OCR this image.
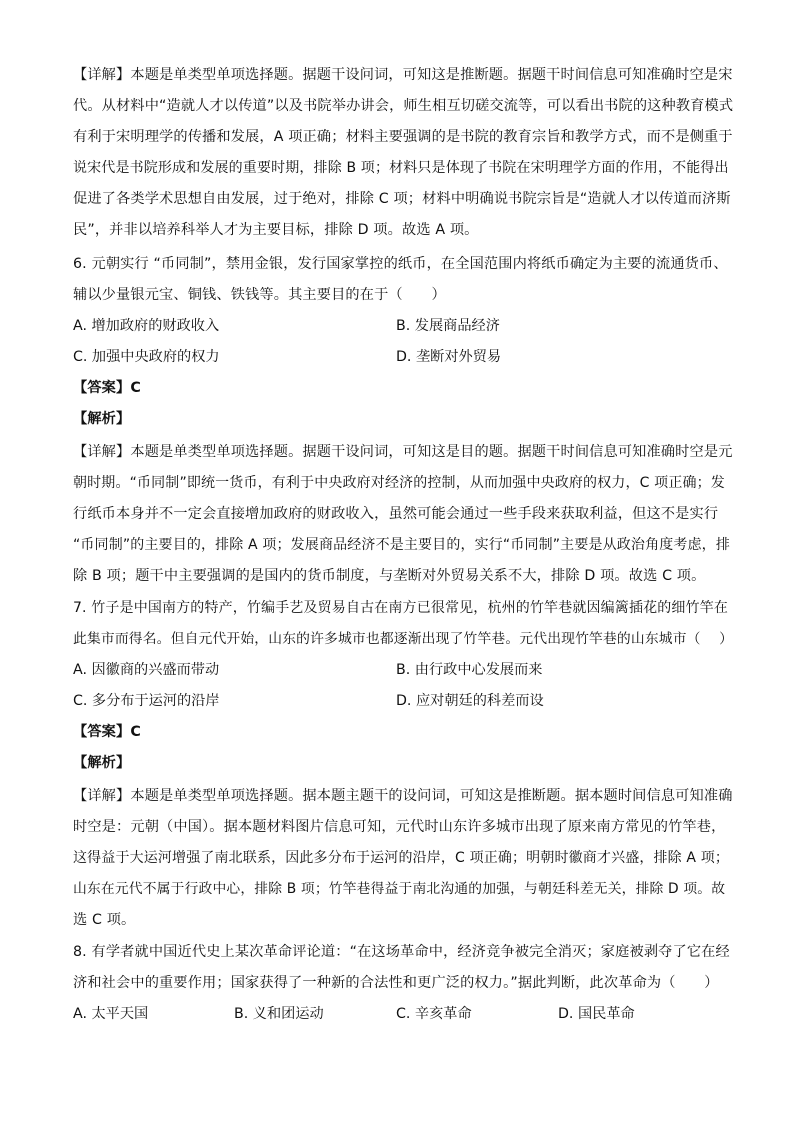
【详解】本题是单类型单项选择题。据题干设问词，可知这是推断题。据题干时间信息可知准确时空是宋
代。从材料中“造就人才以传道”以及书院举办讲会，师生相互切磋交流等，可以看出书院的这种教育模式
有利于宋明理学的传播和发展，A 项正确；材料主要强调的是书院的教育宗旨和教学方式，而不是侧重于
说宋代是书院形成和发展的重要时期，排除 B 项；材料只是体现了书院在宋明理学方面的作用，不能得出
促进了各类学术思想自由发展，过于绝对，排除 C 项；材料中明确说书院宗旨是“造就人才以传道而济斯
民”，并非以培养科举人才为主要目标，排除 D 项。故选 A 项。
6. 元朝实行 “币同制”，禁用金银，发行国家掌控的纸币，在全国范围内将纸币确定为主要的流通货币、
辅以少量银元宝、铜钱、铁钱等。其主要目的在于（　　）
A. 增加政府的财政收入	B. 发展商品经济
C. 加强中央政府的权力	D. 垄断对外贸易
【答案】C
【解析】
【详解】本题是单类型单项选择题。据题干设问词，可知这是目的题。据题干时间信息可知准确时空是元
朝时期。“币同制”即统一货币，有利于中央政府对经济的控制，从而加强中央政府的权力，C 项正确；发
行纸币本身并不一定会直接增加政府的财政收入，虽然可能会通过一些手段来获取利益，但这不是实行
“币同制”的主要目的，排除 A 项；发展商品经济不是主要目的，实行“币同制”主要是从政治角度考虑，排
除 B 项；题干中主要强调的是国内的货币制度，与垄断对外贸易关系不大，排除 D 项。故选 C 项。
7. 竹子是中国南方的特产，竹编手艺及贸易自古在南方已很常见，杭州的竹竿巷就因编篱插花的细竹竿在
此集市而得名。但自元代开始，山东的许多城市也都逐渐出现了竹竿巷。元代出现竹竿巷的山东城市（　 ）
A. 因徽商的兴盛而带动	B. 由行政中心发展而来
C. 多分布于运河的沿岸	D. 应对朝廷的科差而设
【答案】C
【解析】
【详解】本题是单类型单项选择题。据本题主题干的设问词，可知这是推断题。据本题时间信息可知准确
时空是：元朝（中国）。据本题材料图片信息可知，元代时山东许多城市出现了原来南方常见的竹竿巷，
这得益于大运河增强了南北联系，因此多分布于运河的沿岸，C 项正确；明朝时徽商才兴盛，排除 A 项；
山东在元代不属于行政中心，排除 B 项；竹竿巷得益于南北沟通的加强，与朝廷科差无关，排除 D 项。故
选 C 项。
8. 有学者就中国近代史上某次革命评论道：“在这场革命中，经济竞争被完全消灭；家庭被剥夺了它在经
济和社会中的重要作用；国家获得了一种新的合法性和更广泛的权力。”据此判断，此次革命为（　　）
A. 太平天国	B. 义和团运动	C. 辛亥革命	D. 国民革命
